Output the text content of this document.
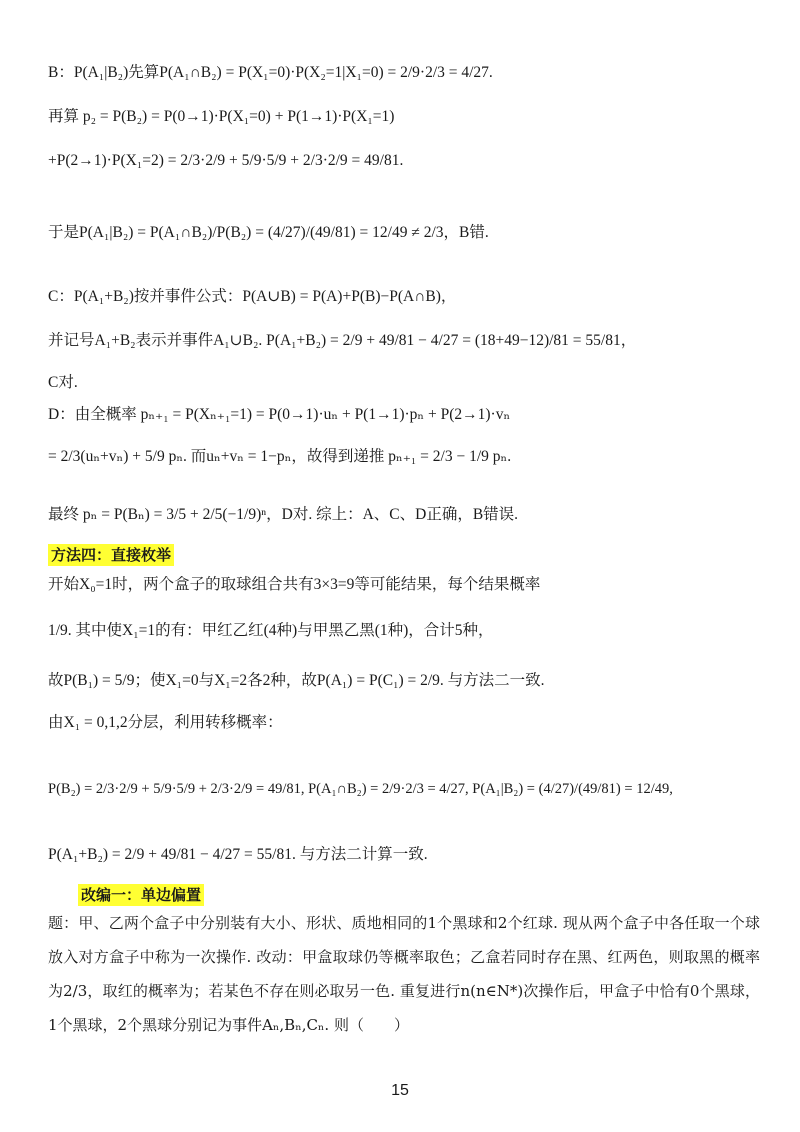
B：P(A₁|B₂)先算P(A₁∩B₂) = P(X₁=0)·P(X₂=1|X₁=0) = 2/9·2/3 = 4/27.
再算 p₂ = P(B₂) = P(0→1)·P(X₁=0) + P(1→1)·P(X₁=1)
+P(2→1)·P(X₁=2) = 2/3·2/9 + 5/9·5/9 + 2/3·2/9 = 49/81.
于是P(A₁|B₂) = P(A₁∩B₂)/P(B₂) = (4/27)/(49/81) = 12/49 ≠ 2/3，B错.
C：P(A₁+B₂)按并事件公式：P(A∪B) = P(A)+P(B)−P(A∩B)，
并记号A₁+B₂表示并事件A₁∪B₂. P(A₁+B₂) = 2/9 + 49/81 − 4/27 = (18+49−12)/81 = 55/81，
C对.
D：由全概率 pₙ₊₁ = P(Xₙ₊₁=1) = P(0→1)·uₙ + P(1→1)·pₙ + P(2→1)·vₙ
= 2/3(uₙ+vₙ) + 5/9 pₙ. 而uₙ+vₙ = 1−pₙ，故得到递推 pₙ₊₁ = 2/3 − 1/9 pₙ.
最终 pₙ = P(Bₙ) = 3/5 + 2/5(−1/9)ⁿ，D对. 综上：A、C、D正确，B错误.
方法四：直接枚举
开始X₀=1时，两个盒子的取球组合共有3×3=9等可能结果，每个结果概率
1/9. 其中使X₁=1的有：甲红乙红(4种)与甲黑乙黑(1种)，合计5种，
故P(B₁) = 5/9；使X₁=0与X₁=2各2种，故P(A₁) = P(C₁) = 2/9. 与方法二一致.
由X₁ = 0,1,2分层，利用转移概率：
P(B₂) = 2/3·2/9 + 5/9·5/9 + 2/3·2/9 = 49/81, P(A₁∩B₂) = 2/9·2/3 = 4/27, P(A₁|B₂) = (4/27)/(49/81) = 12/49,
P(A₁+B₂) = 2/9 + 49/81 − 4/27 = 55/81. 与方法二计算一致.
改编一：单边偏置
题：甲、乙两个盒子中分别装有大小、形状、质地相同的1个黑球和2个红球. 现从两个盒子中各任取一个球放入对方盒子中称为一次操作. 改动：甲盒取球仍等概率取色；乙盒若同时存在黑、红两色，则取黑的概率为2/3，取红的概率为；若某色不存在则必取另一色. 重复进行n(n∈N*)次操作后，甲盒子中恰有0个黑球，1个黑球，2个黑球分别记为事件Aₙ,Bₙ,Cₙ. 则（　　）
15
